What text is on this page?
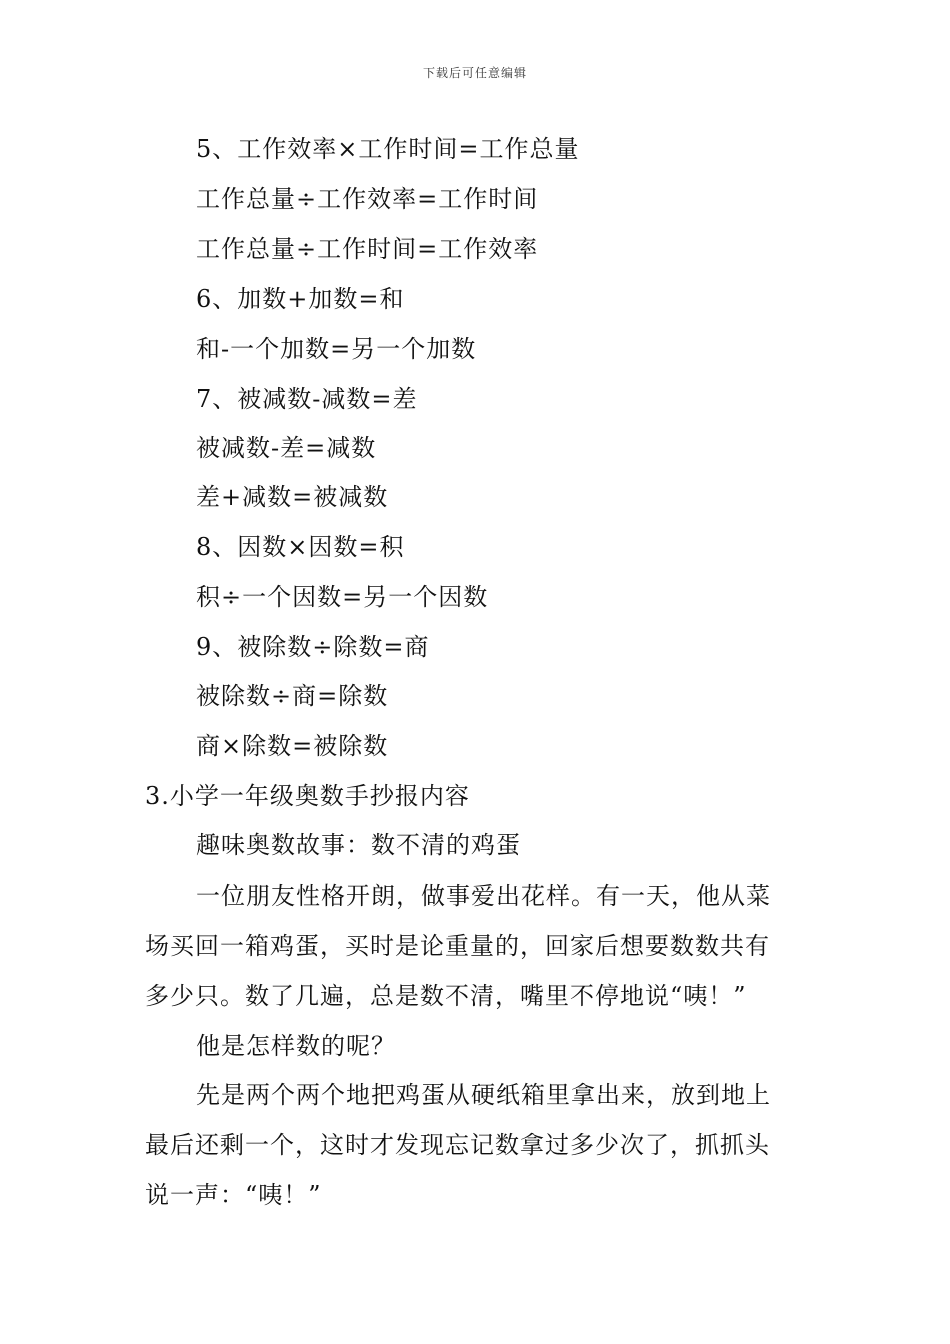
下载后可任意编辑
5、工作效率×工作时间=工作总量
工作总量÷工作效率=工作时间
工作总量÷工作时间=工作效率
6、加数+加数=和
和-一个加数=另一个加数
7、被减数-减数=差
被减数-差=减数
差+减数=被减数
8、因数×因数=积
积÷一个因数=另一个因数
9、被除数÷除数=商
被除数÷商=除数
商×除数=被除数
3.小学一年级奥数手抄报内容
趣味奥数故事：数不清的鸡蛋
一位朋友性格开朗，做事爱出花样。有一天，他从菜
场买回一箱鸡蛋，买时是论重量的，回家后想要数数共有
多少只。数了几遍，总是数不清，嘴里不停地说“咦！”
他是怎样数的呢？
先是两个两个地把鸡蛋从硬纸箱里拿出来，放到地上
最后还剩一个，这时才发现忘记数拿过多少次了，抓抓头
说一声：“咦！”
